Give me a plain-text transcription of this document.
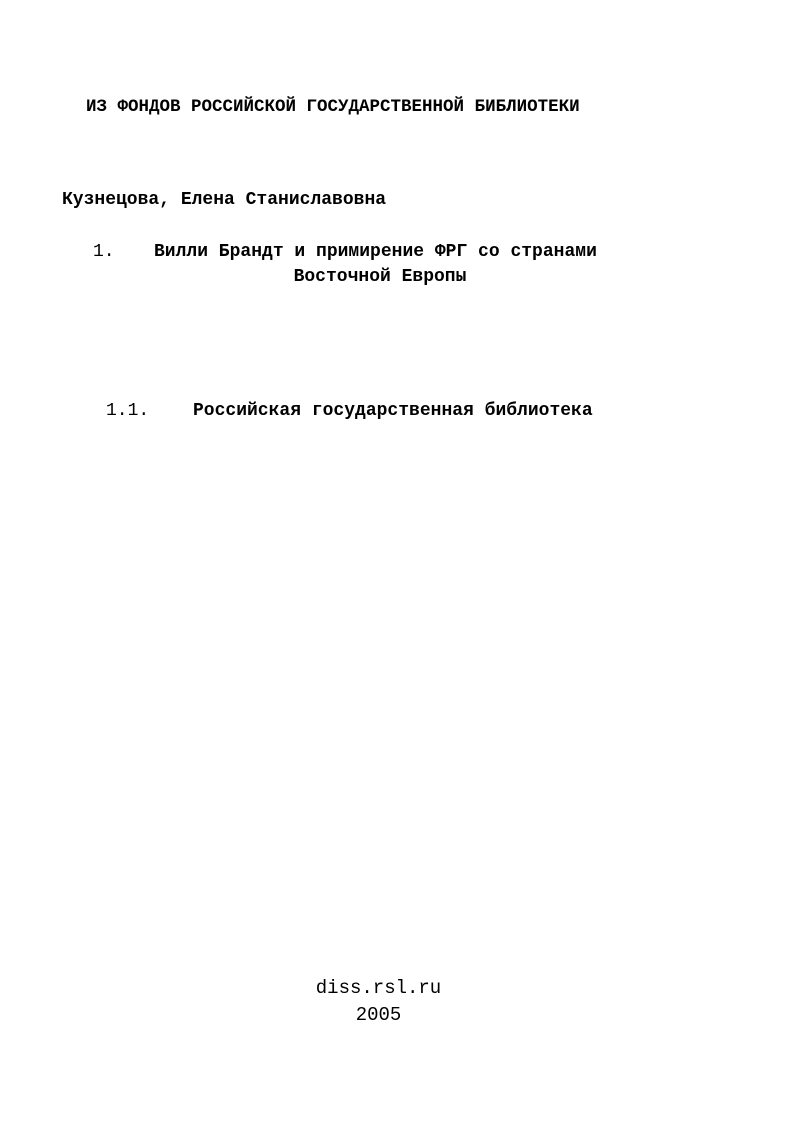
ИЗ ФОНДОВ РОССИЙСКОЙ ГОСУДАРСТВЕННОЙ БИБЛИОТЕКИ
Кузнецова, Елена Станиславовна
1. Вилли Брандт и примирение ФРГ со странами
Восточной Европы
1.1. Российская государственная библиотека
diss.rsl.ru
2005
